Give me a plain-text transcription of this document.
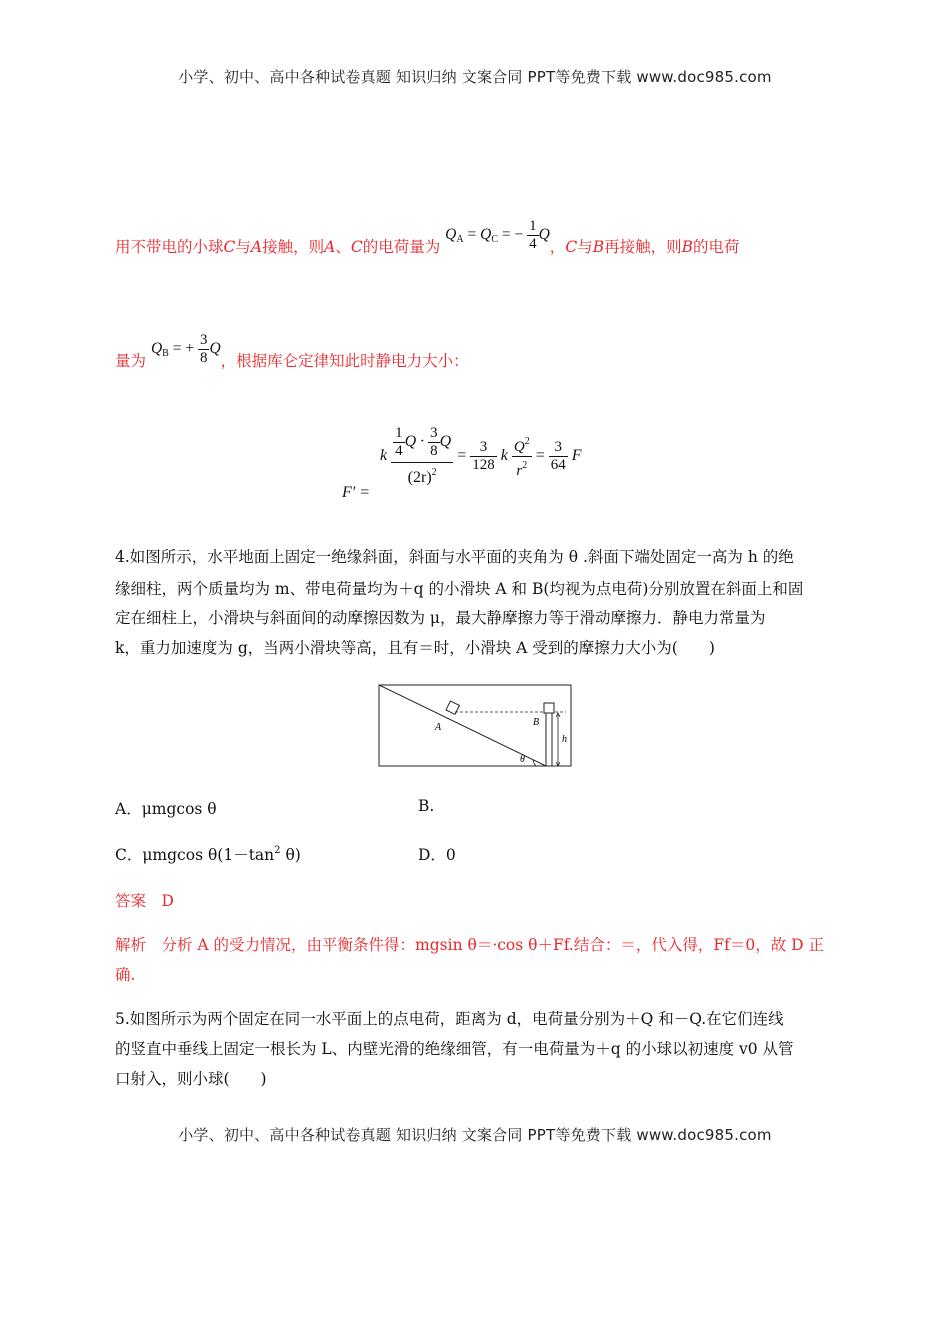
小学、初中、高中各种试卷真题 知识归纳 文案合同 PPT等免费下载 www.doc985.com
用不带电的小球C与A接触，则A、C的电荷量为 $Q_A = Q_C$ = − $\frac{1}{4}$ Q，C与B再接触，则B的电荷
量为 $Q_B$ = + $\frac{3}{8}$ Q，根据库仑定律知此时静电力大小：
F′ =
k $\frac{\frac{1}{4} Q \cdot \frac{3}{8} Q}{(2r)^2} = \frac{3}{128}$ k $\frac{Q^2}{r^2} = \frac{3}{64}$ F
4.如图所示，水平地面上固定一绝缘斜面，斜面与水平面的夹角为 θ .斜面下端处固定一高为 h 的绝
缘细柱，两个质量均为 m、带电荷量均为＋q 的小滑块 A 和 B(均视为点电荷)分别放置在斜面上和固
定在细柱上，小滑块与斜面间的动摩擦因数为 μ，最大静摩擦力等于滑动摩擦力．静电力常量为
k，重力加速度为 g，当两小滑块等高，且有＝时，小滑块 A 受到的摩擦力大小为(　　)
A	B
h
θ
A．μmgcos θ	B.
C．μmgcos $\theta(1-\tan^2$ θ)	D．0
答案　D
解析　分析 A 的受力情况，由平衡条件得：mgsin θ＝·cos θ＋Ff.结合：＝，代入得，Ff＝0，故 D 正
确.
5.如图所示为两个固定在同一水平面上的点电荷，距离为 d，电荷量分别为＋Q 和－Q.在它们连线
的竖直中垂线上固定一根长为 L、内壁光滑的绝缘细管，有一电荷量为＋q 的小球以初速度 v0 从管
口射入，则小球(　　)
小学、初中、高中各种试卷真题 知识归纳 文案合同 PPT等免费下载 www.doc985.com
